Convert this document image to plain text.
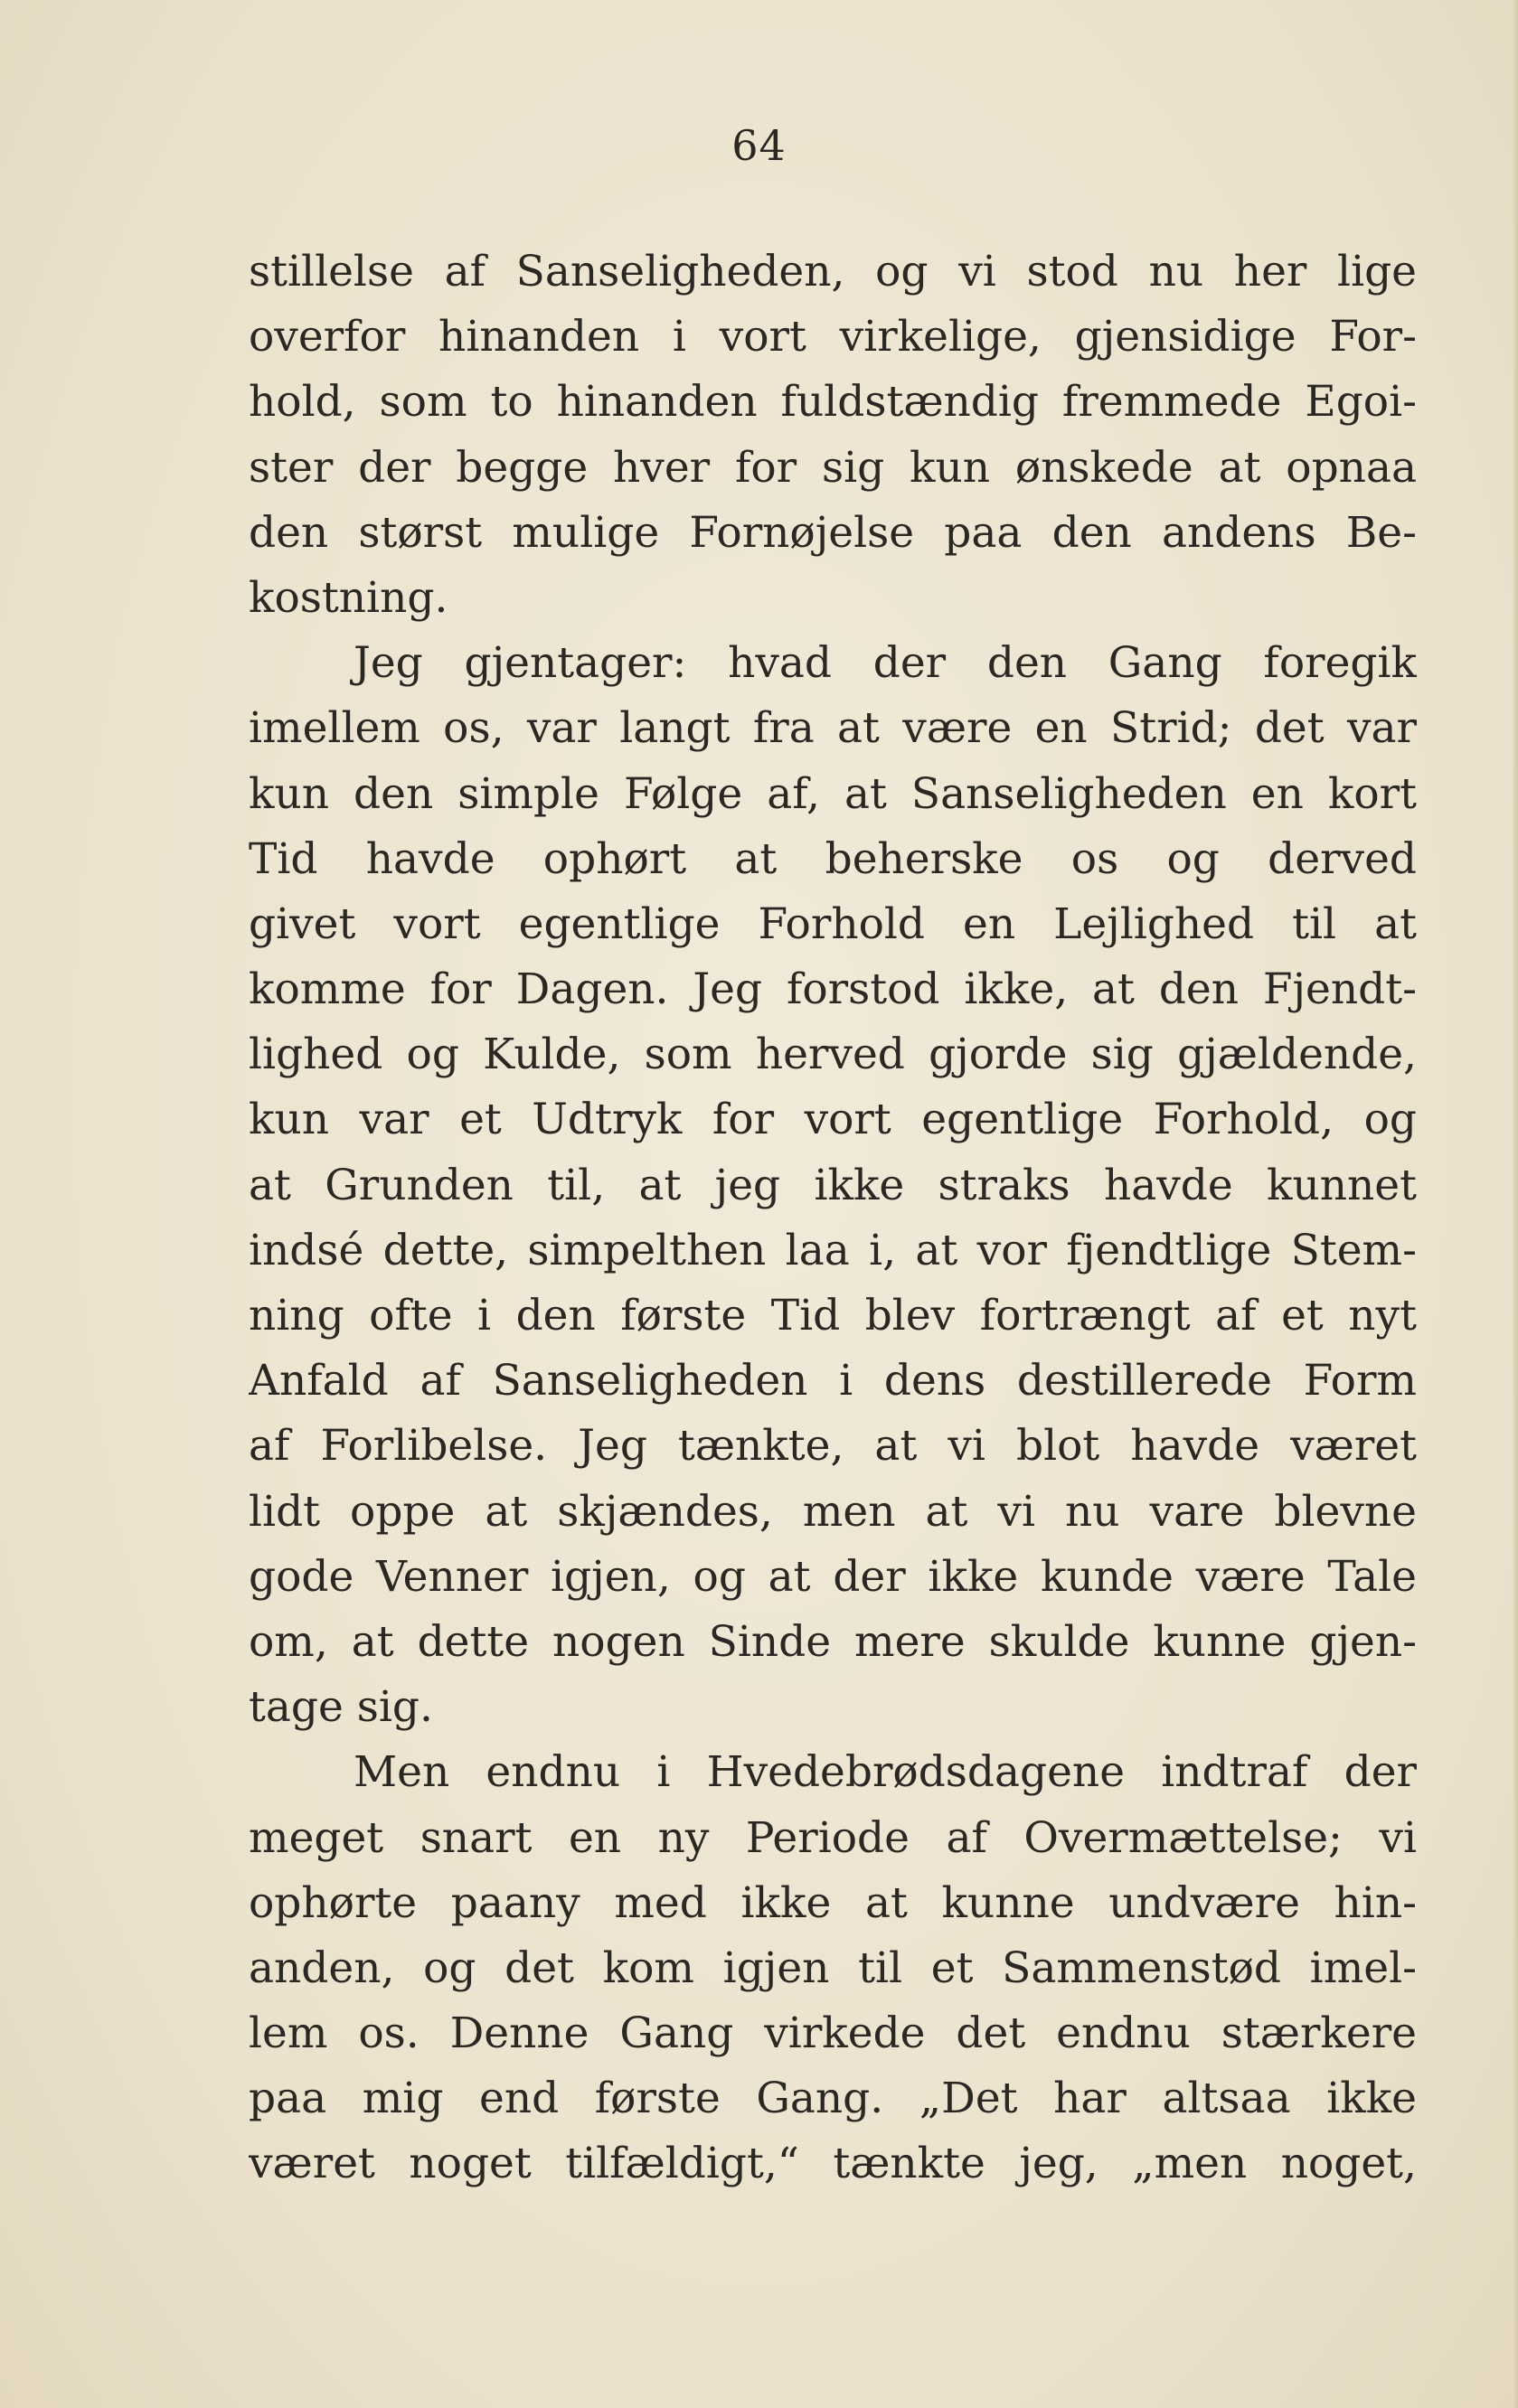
64
stillelse af Sanseligheden, og vi stod nu her lige
overfor hinanden i vort virkelige, gjensidige For-
hold, som to hinanden fuldstændig fremmede Egoi-
ster der begge hver for sig kun ønskede at opnaa
den størst mulige Fornøjelse paa den andens Be-
kostning.
Jeg gjentager: hvad der den Gang foregik
imellem os, var langt fra at være en Strid; det var
kun den simple Følge af, at Sanseligheden en kort
Tid havde ophørt at beherske os og derved
givet vort egentlige Forhold en Lejlighed til at
komme for Dagen. Jeg forstod ikke, at den Fjendt-
lighed og Kulde, som herved gjorde sig gjældende,
kun var et Udtryk for vort egentlige Forhold, og
at Grunden til, at jeg ikke straks havde kunnet
indsé dette, simpelthen laa i, at vor fjendtlige Stem-
ning ofte i den første Tid blev fortrængt af et nyt
Anfald af Sanseligheden i dens destillerede Form
af Forlibelse. Jeg tænkte, at vi blot havde været
lidt oppe at skjændes, men at vi nu vare blevne
gode Venner igjen, og at der ikke kunde være Tale
om, at dette nogen Sinde mere skulde kunne gjen-
tage sig.
Men endnu i Hvedebrødsdagene indtraf der
meget snart en ny Periode af Overmættelse; vi
ophørte paany med ikke at kunne undvære hin-
anden, og det kom igjen til et Sammenstød imel-
lem os. Denne Gang virkede det endnu stærkere
paa mig end første Gang. „Det har altsaa ikke
været noget tilfældigt,“ tænkte jeg, „men noget,
